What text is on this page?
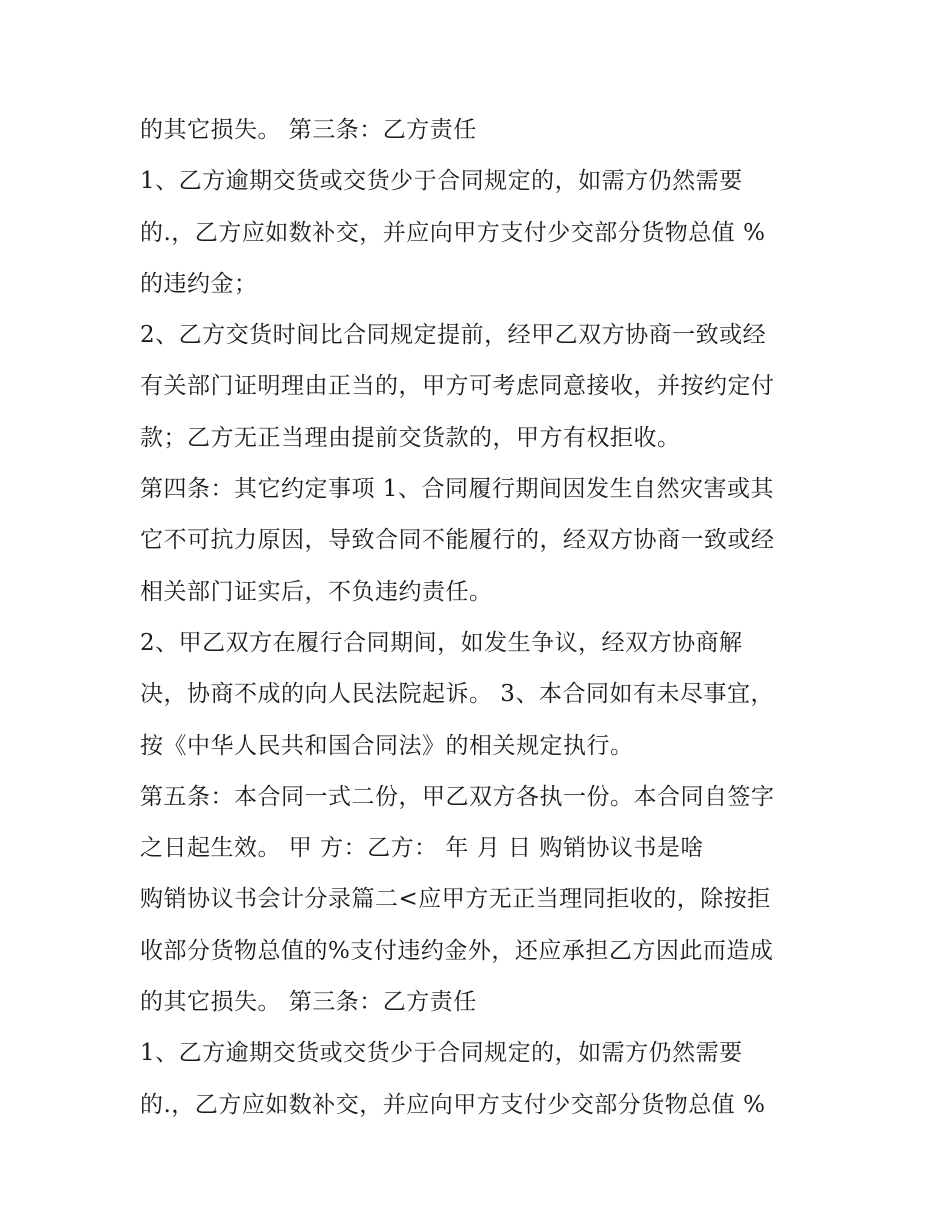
的其它损失。 第三条：乙方责任
1、乙方逾期交货或交货少于合同规定的，如需方仍然需要
的.，乙方应如数补交，并应向甲方支付少交部分货物总值 %
的违约金；
2、乙方交货时间比合同规定提前，经甲乙双方协商一致或经
有关部门证明理由正当的，甲方可考虑同意接收，并按约定付
款；乙方无正当理由提前交货款的，甲方有权拒收。
第四条：其它约定事项 1、合同履行期间因发生自然灾害或其
它不可抗力原因，导致合同不能履行的，经双方协商一致或经
相关部门证实后，不负违约责任。
2、甲乙双方在履行合同期间，如发生争议，经双方协商解
决，协商不成的向人民法院起诉。 3、本合同如有未尽事宜，
按《中华人民共和国合同法》的相关规定执行。
第五条：本合同一式二份，甲乙双方各执一份。本合同自签字
之日起生效。 甲 方：乙方： 年 月 日 购销协议书是啥
购销协议书会计分录篇二<应甲方无正当理同拒收的，除按拒
收部分货物总值的%支付违约金外，还应承担乙方因此而造成
的其它损失。 第三条：乙方责任
1、乙方逾期交货或交货少于合同规定的，如需方仍然需要
的.，乙方应如数补交，并应向甲方支付少交部分货物总值 %
